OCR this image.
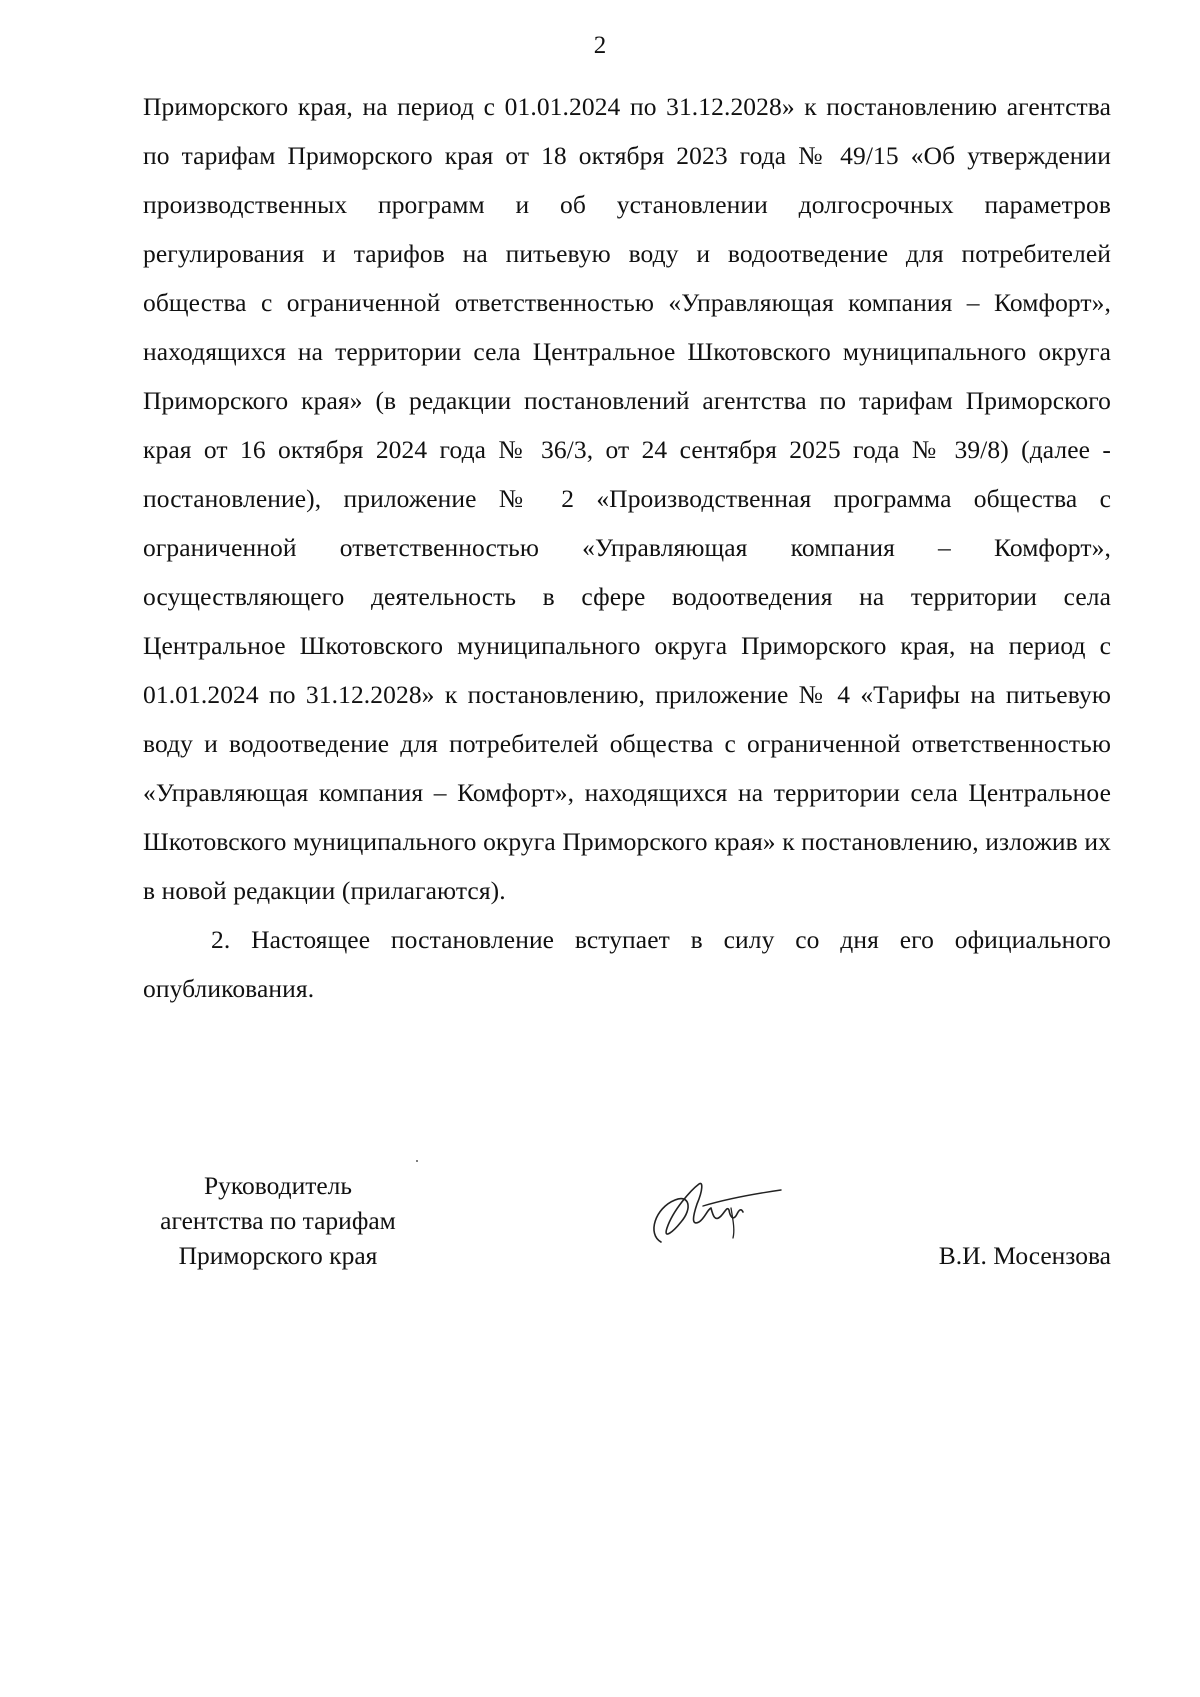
2

Приморского края, на период с 01.01.2024 по 31.12.2028» к постановлению агентства по тарифам Приморского края от 18 октября 2023 года № 49/15 «Об утверждении производственных программ и об установлении долгосрочных параметров регулирования и тарифов на питьевую воду и водоотведение для потребителей общества с ограниченной ответственностью «Управляющая компания – Комфорт», находящихся на территории села Центральное Шкотовского муниципального округа Приморского края» (в редакции постановлений агентства по тарифам Приморского края от 16 октября 2024 года № 36/3, от 24 сентября 2025 года № 39/8) (далее - постановление), приложение № 2 «Производственная программа общества с ограниченной ответственностью «Управляющая компания – Комфорт», осуществляющего деятельность в сфере водоотведения на территории села Центральное Шкотовского муниципального округа Приморского края, на период с 01.01.2024 по 31.12.2028» к постановлению, приложение № 4 «Тарифы на питьевую воду и водоотведение для потребителей общества с ограниченной ответственностью «Управляющая компания – Комфорт», находящихся на территории села Центральное Шкотовского муниципального округа Приморского края» к постановлению, изложив их в новой редакции (прилагаются).

2. Настоящее постановление вступает в силу со дня его официального опубликования.

Руководитель
агентства по тарифам
Приморского края	В.И. Мосензова
